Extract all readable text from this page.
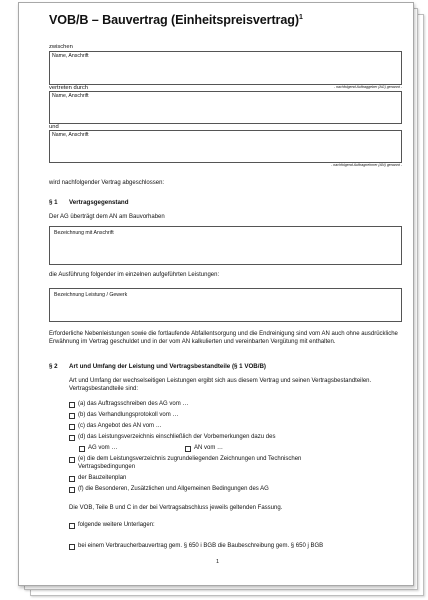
VOB/B – Bauvertrag (Einheitspreisvertrag)$^1$
zwischen
Name, Anschrift
vertreten durch	- nachfolgend Auftraggeber (AG) genannt -
Name, Anschrift
und
Name, Anschrift
- nachfolgend Auftragnehmer (AN) genannt -
wird nachfolgender Vertrag abgeschlossen:
§ 1 Vertragsgegenstand
Der AG überträgt dem AN am Bauvorhaben
Bezeichnung mit Anschrift
die Ausführung folgender im einzelnen aufgeführten Leistungen:
Bezeichnung Leistung / Gewerk
Erforderliche Nebenleistungen sowie die fortlaufende Abfallentsorgung und die Endreinigung sind vom AN auch ohne ausdrückliche Erwähnung im Vertrag geschuldet und in der vom AN kalkulierten und vereinbarten Vergütung mit enthalten.
§ 2 Art und Umfang der Leistung und Vertragsbestandteile (§ 1 VOB/B)
Art und Umfang der wechselseitigen Leistungen ergibt sich aus diesem Vertrag und seinen Vertragsbestandteilen. Vertragsbestandteile sind:
(a) das Auftragsschreiben des AG vom …
(b) das Verhandlungsprotokoll vom …
(c) das Angebot des AN vom …
(d) das Leistungsverzeichnis einschließlich der Vorbemerkungen dazu des
AG vom …	AN vom …
(e) die dem Leistungsverzeichnis zugrundeliegenden Zeichnungen und Technischen
Vertragsbedingungen
der Bauzeitenplan
(f) die Besonderen, Zusätzlichen und Allgemeinen Bedingungen des AG
Die VOB, Teile B und C in der bei Vertragsabschluss jeweils geltenden Fassung.
folgende weitere Unterlagen:
bei einem Verbraucherbauvertrag gem. § 650 i BGB die Baubeschreibung gem. § 650 j BGB
1
